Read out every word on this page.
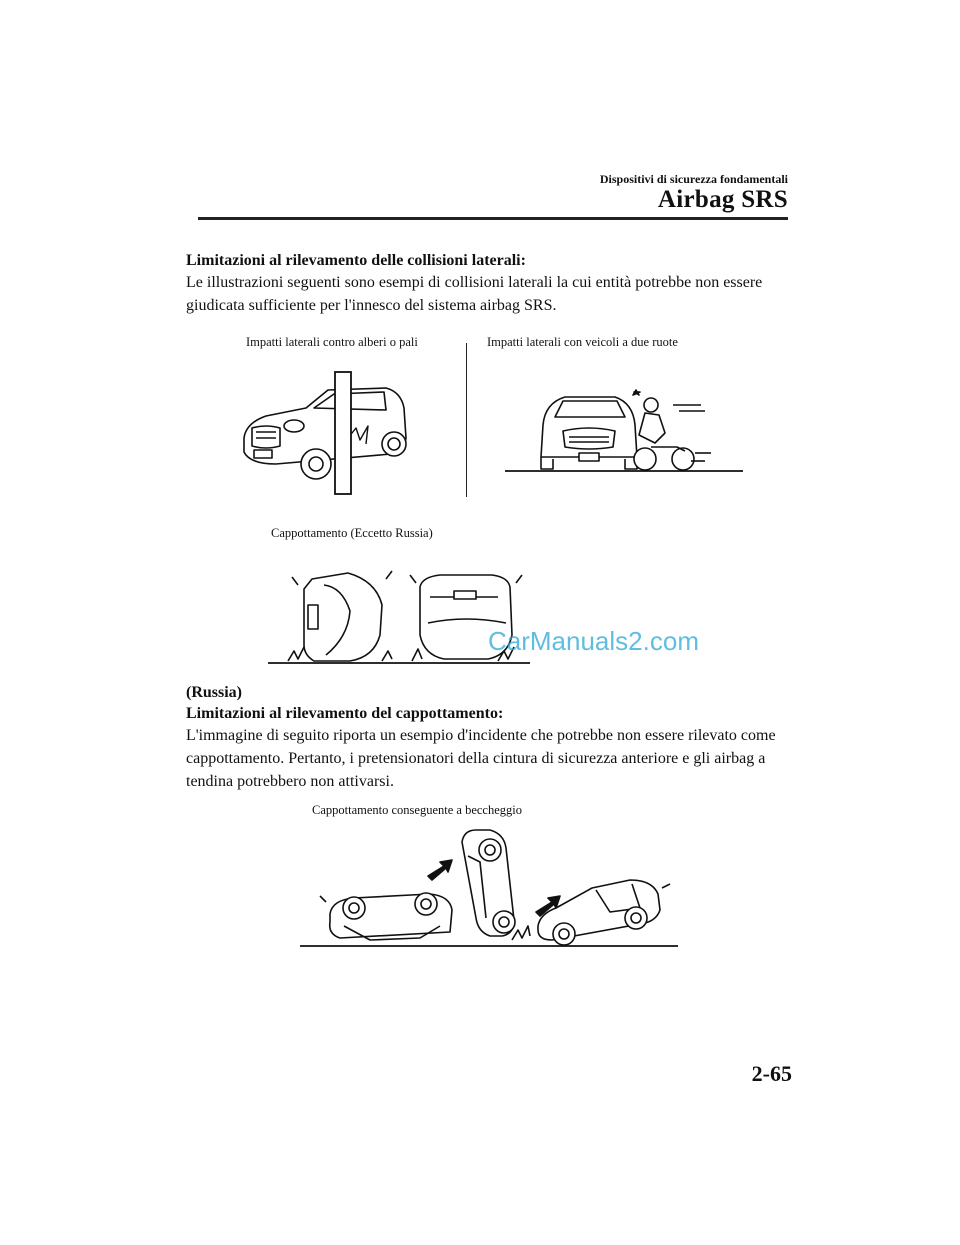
Dispositivi di sicurezza fondamentali
Airbag SRS
Limitazioni al rilevamento delle collisioni laterali:
Le illustrazioni seguenti sono esempi di collisioni laterali la cui entità potrebbe non essere giudicata sufficiente per l'innesco del sistema airbag SRS.
Impatti laterali contro alberi o pali	Impatti laterali con veicoli a due ruote
Cappottamento (Eccetto Russia)
CarManuals2.com
(Russia)
Limitazioni al rilevamento del cappottamento:
L'immagine di seguito riporta un esempio d'incidente che potrebbe non essere rilevato come cappottamento. Pertanto, i pretensionatori della cintura di sicurezza anteriore e gli airbag a tendina potrebbero non attivarsi.
Cappottamento conseguente a beccheggio
2-65
